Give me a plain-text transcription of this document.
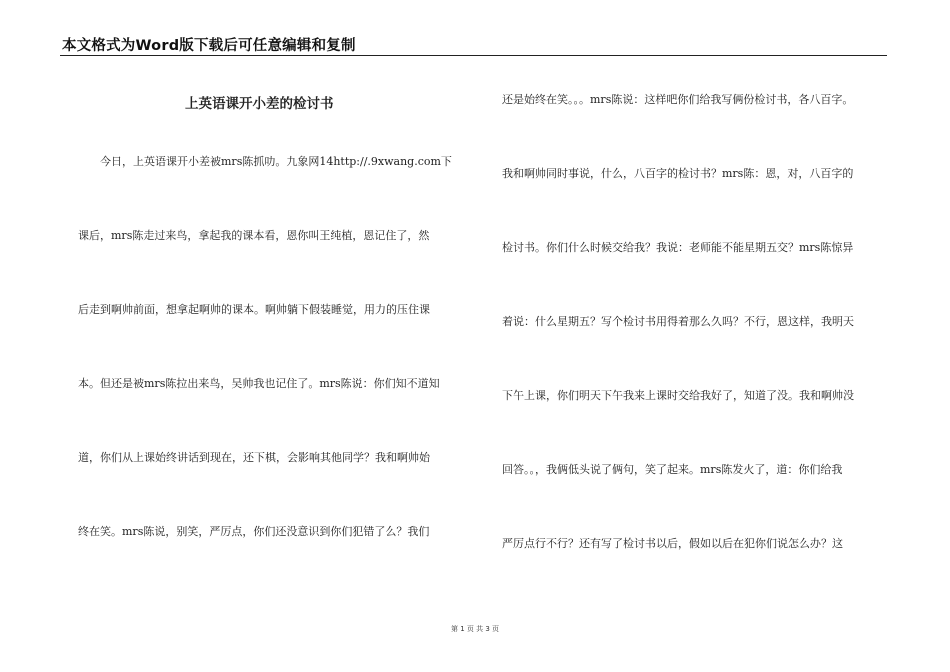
本文格式为Word版下载后可任意编辑和复制
上英语课开小差的检讨书
今日，上英语课开小差被mrs陈抓叻。九象网14http://.9xwang.com下
课后，mrs陈走过来鸟，拿起我的课本看，恩你叫王纯植，恩记住了，然
后走到啊帅前面，想拿起啊帅的课本。啊帅躺下假装睡觉，用力的压住课
本。但还是被mrs陈拉出来鸟，吴帅我也记住了。mrs陈说：你们知不道知
道，你们从上课始终讲话到现在，还下棋，会影响其他同学？我和啊帅始
终在笑。mrs陈说，别笑，严厉点，你们还没意识到你们犯错了么？我们
还是始终在笑。。。mrs陈说：这样吧你们给我写俩份检讨书，各八百字。
我和啊帅同时事说，什么，八百字的检讨书？mrs陈：恩，对，八百字的
检讨书。你们什么时候交给我？我说：老师能不能星期五交？mrs陈惊异
着说：什么星期五？写个检讨书用得着那么久吗？不行，恩这样，我明天
下午上课，你们明天下午我来上课时交给我好了，知道了没。我和啊帅没
回答。。，我俩低头说了俩句，笑了起来。mrs陈发火了，道：你们给我
严厉点行不行？还有写了检讨书以后，假如以后在犯你们说怎么办？这
第 1 页 共 3 页
